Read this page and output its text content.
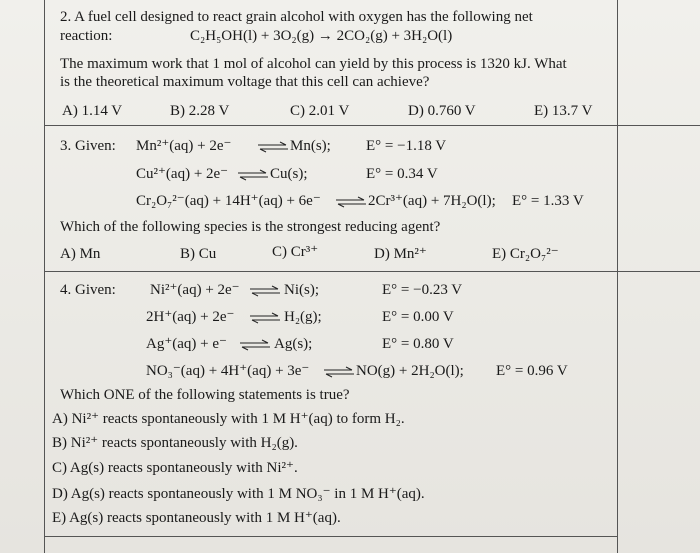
2. A fuel cell designed to react grain alcohol with oxygen has the following net
reaction:	C₂H₅OH(l) + 3O₂(g) → 2CO₂(g) + 3H₂O(l)
The maximum work that 1 mol of alcohol can yield by this process is 1320 kJ. What
is the theoretical maximum voltage that this cell can achieve?
A) 1.14 V	B) 2.28 V	C) 2.01 V	D) 0.760 V	E) 13.7 V
3. Given: Mn²⁺(aq) + 2e⁻ ⇌ Mn(s); E° = −1.18 V
Cu²⁺(aq) + 2e⁻ ⇌ Cu(s);	E° = 0.34 V
Cr₂O₇²⁻(aq) + 14H⁺(aq) + 6e⁻ ⇌ 2Cr³⁺(aq) + 7H₂O(l); E° = 1.33 V
Which of the following species is the strongest reducing agent?
A) Mn	B) Cu	C) Cr³⁺	D) Mn²⁺	E) Cr₂O₇²⁻
4. Given: Ni²⁺(aq) + 2e⁻ ⇌ Ni(s);	E° = −0.23 V
2H⁺(aq) + 2e⁻ ⇌ H₂(g);	E° = 0.00 V
Ag⁺(aq) + e⁻ ⇌ Ag(s);	E° = 0.80 V
NO₃⁻(aq) + 4H⁺(aq) + 3e⁻ ⇌ NO(g) + 2H₂O(l); E° = 0.96 V
Which ONE of the following statements is true?
A) Ni²⁺ reacts spontaneously with 1 M H⁺(aq) to form H₂.
B) Ni²⁺ reacts spontaneously with H₂(g).
C) Ag(s) reacts spontaneously with Ni²⁺.
D) Ag(s) reacts spontaneously with 1 M NO₃⁻ in 1 M H⁺(aq).
E) Ag(s) reacts spontaneously with 1 M H⁺(aq).
